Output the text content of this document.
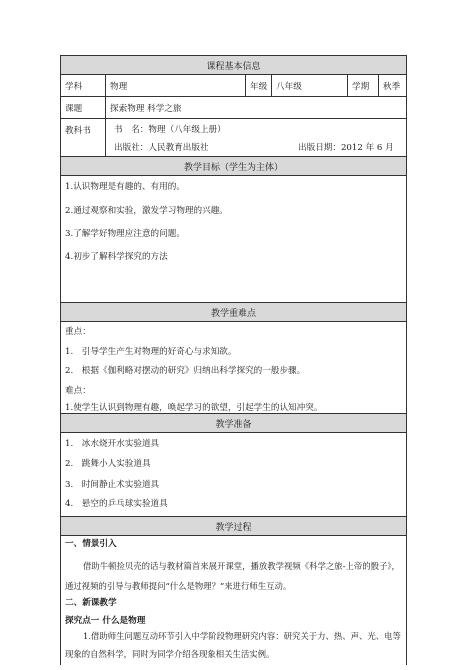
课程基本信息
学科	物理	年级	八年级	学期	秋季
课题	探索物理 科学之旅
教科书	书　名：物理（八年级上册）
出版社：人民教育出版社	出版日期：2012 年 6 月
教学目标（学生为主体）
1.认识物理是有趣的、有用的。
2.通过观察和实验，激发学习物理的兴趣。
3.了解学好物理应注意的问题。
4.初步了解科学探究的方法
教学重难点
重点：
1.　引导学生产生对物理的好奇心与求知欲。
2.　根据《伽利略对摆动的研究》归纳出科学探究的一般步骤。
难点：
1.使学生认识到物理有趣，唤起学习的欲望，引起学生的认知冲突。
教学准备
1.　冰水烧开水实验道具
2.　跳舞小人实验道具
3.　时间静止术实验道具
4.　悬空的乒乓球实验道具
教学过程
一、情景引入
借助牛顿捡贝壳的话与教材篇首来展开课堂，播放教学视频《科学之旅-上帝的骰子》，
通过视频的引导与教师提问“什么是物理？”来进行师生互动。
二、新课教学
探究点一 什么是物理
1.借助师生问题互动环节引入中学阶段物理研究内容：研究关于力、热、声、光、电等
现象的自然科学，同时为同学介绍各现象相关生活实例。
